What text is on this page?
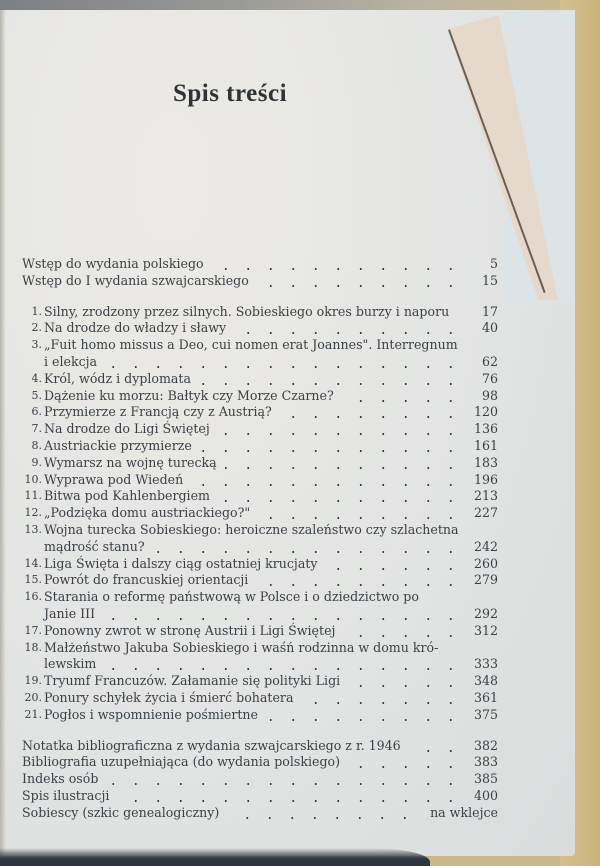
Spis treści
Wstęp do wydania polskiego	5
Wstęp do I wydania szwajcarskiego	15
1. Silny, zrodzony przez silnych. Sobieskiego okres burzy i naporu	17
2. Na drodze do władzy i sławy	40
3. „Fuit homo missus a Deo, cui nomen erat Joannes". Interregnum
i elekcja	62
4. Król, wódz i dyplomata	76
5. Dążenie ku morzu: Bałtyk czy Morze Czarne?	98
6. Przymierze z Francją czy z Austrią?	120
7. Na drodze do Ligi Świętej	136
8. Austriackie przymierze	161
9. Wymarsz na wojnę turecką	183
10. Wyprawa pod Wiedeń	196
11. Bitwa pod Kahlenbergiem	213
12. „Podzięka domu austriackiego?"	227
13. Wojna turecka Sobieskiego: heroiczne szaleństwo czy szlachetna
mądrość stanu?	242
14. Liga Święta i dalszy ciąg ostatniej krucjaty	260
15. Powrót do francuskiej orientacji	279
16. Starania o reformę państwową w Polsce i o dziedzictwo po
Janie III	292
17. Ponowny zwrot w stronę Austrii i Ligi Świętej	312
18. Małżeństwo Jakuba Sobieskiego i waśń rodzinna w domu kró-
lewskim	333
19. Tryumf Francuzów. Załamanie się polityki Ligi	348
20. Ponury schyłek życia i śmierć bohatera	361
21. Pogłos i wspomnienie pośmiertne	375
Notatka bibliograficzna z wydania szwajcarskiego z r. 1946	382
Bibliografia uzupełniająca (do wydania polskiego)	383
Indeks osób	385
Spis ilustracji	400
Sobiescy (szkic genealogiczny)	na wklejce
